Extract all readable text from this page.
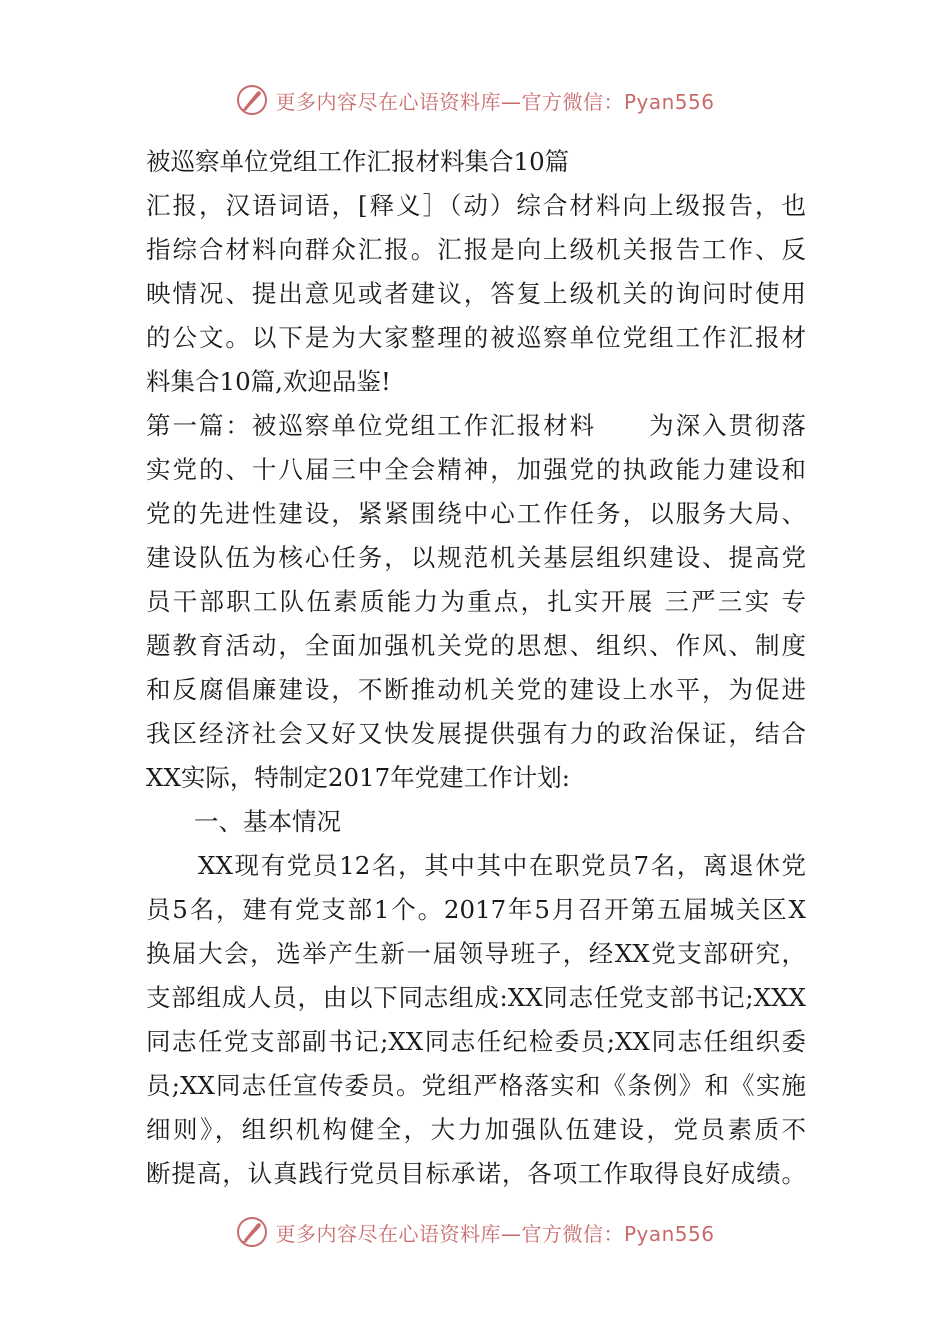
更多内容尽在心语资料库—官方微信：Pyan556
被巡察单位党组工作汇报材料集合10篇
汇报，汉语词语，[释义］（动）综合材料向上级报告，也
指综合材料向群众汇报。汇报是向上级机关报告工作、反
映情况、提出意见或者建议，答复上级机关的询问时使用
的公文。以下是为大家整理的被巡察单位党组工作汇报材
料集合10篇,欢迎品鉴!
第一篇：被巡察单位党组工作汇报材料　　为深入贯彻落
实党的、十八届三中全会精神，加强党的执政能力建设和
党的先进性建设，紧紧围绕中心工作任务，以服务大局、
建设队伍为核心任务，以规范机关基层组织建设、提高党
员干部职工队伍素质能力为重点，扎实开展 三严三实 专
题教育活动，全面加强机关党的思想、组织、作风、制度
和反腐倡廉建设，不断推动机关党的建设上水平，为促进
我区经济社会又好又快发展提供强有力的政治保证，结合
XX实际，特制定2017年党建工作计划:
一、基本情况
XX现有党员12名，其中其中在职党员7名，离退休党
员5名，建有党支部1个。2017年5月召开第五届城关区X
换届大会，选举产生新一届领导班子，经XX党支部研究，
支部组成人员，由以下同志组成:XX同志任党支部书记;XXX
同志任党支部副书记;XX同志任纪检委员;XX同志任组织委
员;XX同志任宣传委员。党组严格落实和《条例》和《实施
细则》，组织机构健全，大力加强队伍建设，党员素质不
断提高，认真践行党员目标承诺，各项工作取得良好成绩。
更多内容尽在心语资料库—官方微信：Pyan556
